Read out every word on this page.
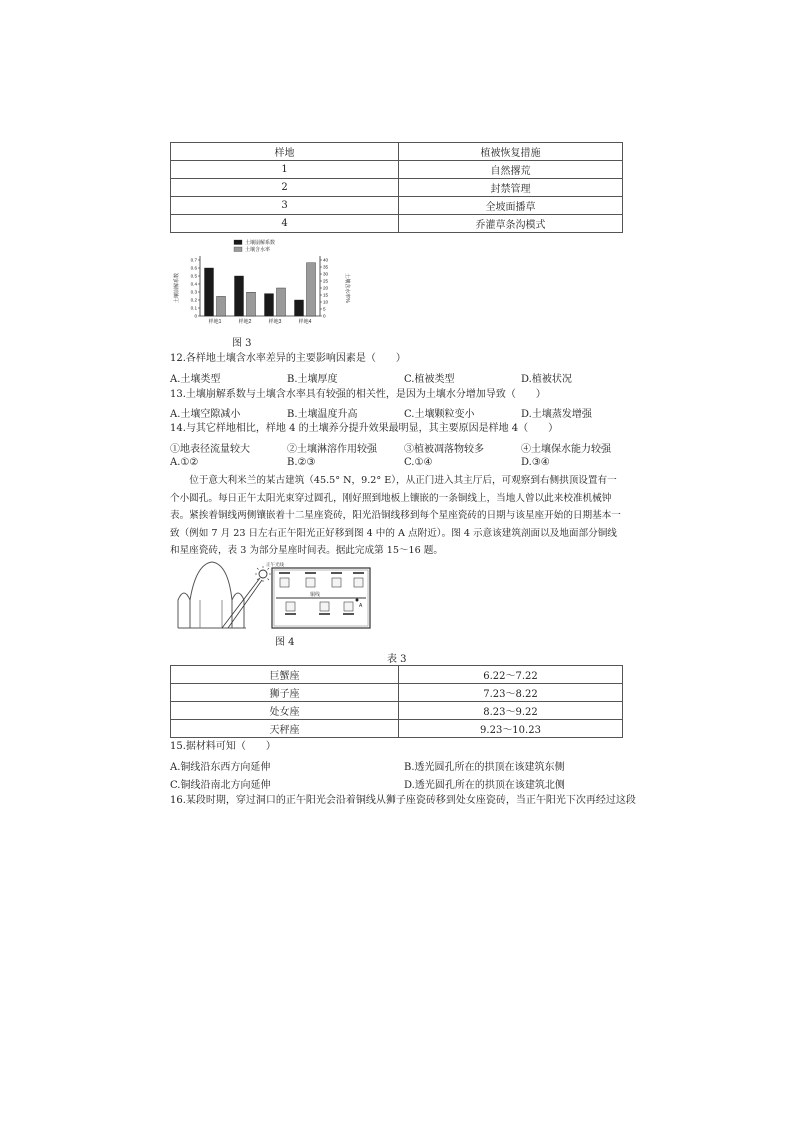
样地	植被恢复措施
1	自然撂荒
2	封禁管理
3	全坡面播草
4	乔灌草条沟模式
0
0.1
0.2
0.3
0.4
0.5
0.6
0.7
0
5
10
15
20
25
30
35
40
土壤崩解系数	土壤含水率%
样地1	样地2	样地3	样地4
土壤崩解系数
土壤含水率
图 3
12.各样地土壤含水率差异的主要影响因素是（　　）
A.土壤类型	B.土壤厚度	C.植被类型	D.植被状况
13.土壤崩解系数与土壤含水率具有较强的相关性，是因为土壤水分增加导致（　　）
A.土壤空隙减小	B.土壤温度升高	C.土壤颗粒变小	D.土壤蒸发增强
14.与其它样地相比，样地 4 的土壤养分提升效果最明显，其主要原因是样地 4（　　）
①地表径流量较大	②土壤淋溶作用较强	③植被凋落物较多	④土壤保水能力较强
A.①②	B.②③	C.①④	D.③④
位于意大利米兰的某古建筑（45.5° N，9.2° E），从正门进入其主厅后，可观察到右侧拱顶设置有一个小圆孔。每日正午太阳光束穿过圆孔，刚好照到地板上镶嵌的一条铜线上，当地人曾以此来校准机械钟表。紧挨着铜线两侧镶嵌着十二星座瓷砖，阳光沿铜线移到每个星座瓷砖的日期与该星座开始的日期基本一致（例如 7 月 23 日左右正午阳光正好移到图 4 中的 A 点附近）。图 4 示意该建筑剖面以及地面部分铜线和星座瓷砖，表 3 为部分星座时间表。据此完成第 15～16 题。
正午光线
铜线
A
图 4
表 3
巨蟹座	6.22～7.22
狮子座	7.23～8.22
处女座	8.23～9.22
天秤座	9.23～10.23
15.据材料可知（　　）
A.铜线沿东西方向延伸	B.透光圆孔所在的拱顶在该建筑东侧
C.铜线沿南北方向延伸	D.透光圆孔所在的拱顶在该建筑北侧
16.某段时期，穿过洞口的正午阳光会沿着铜线从狮子座瓷砖移到处女座瓷砖，当正午阳光下次再经过这段
